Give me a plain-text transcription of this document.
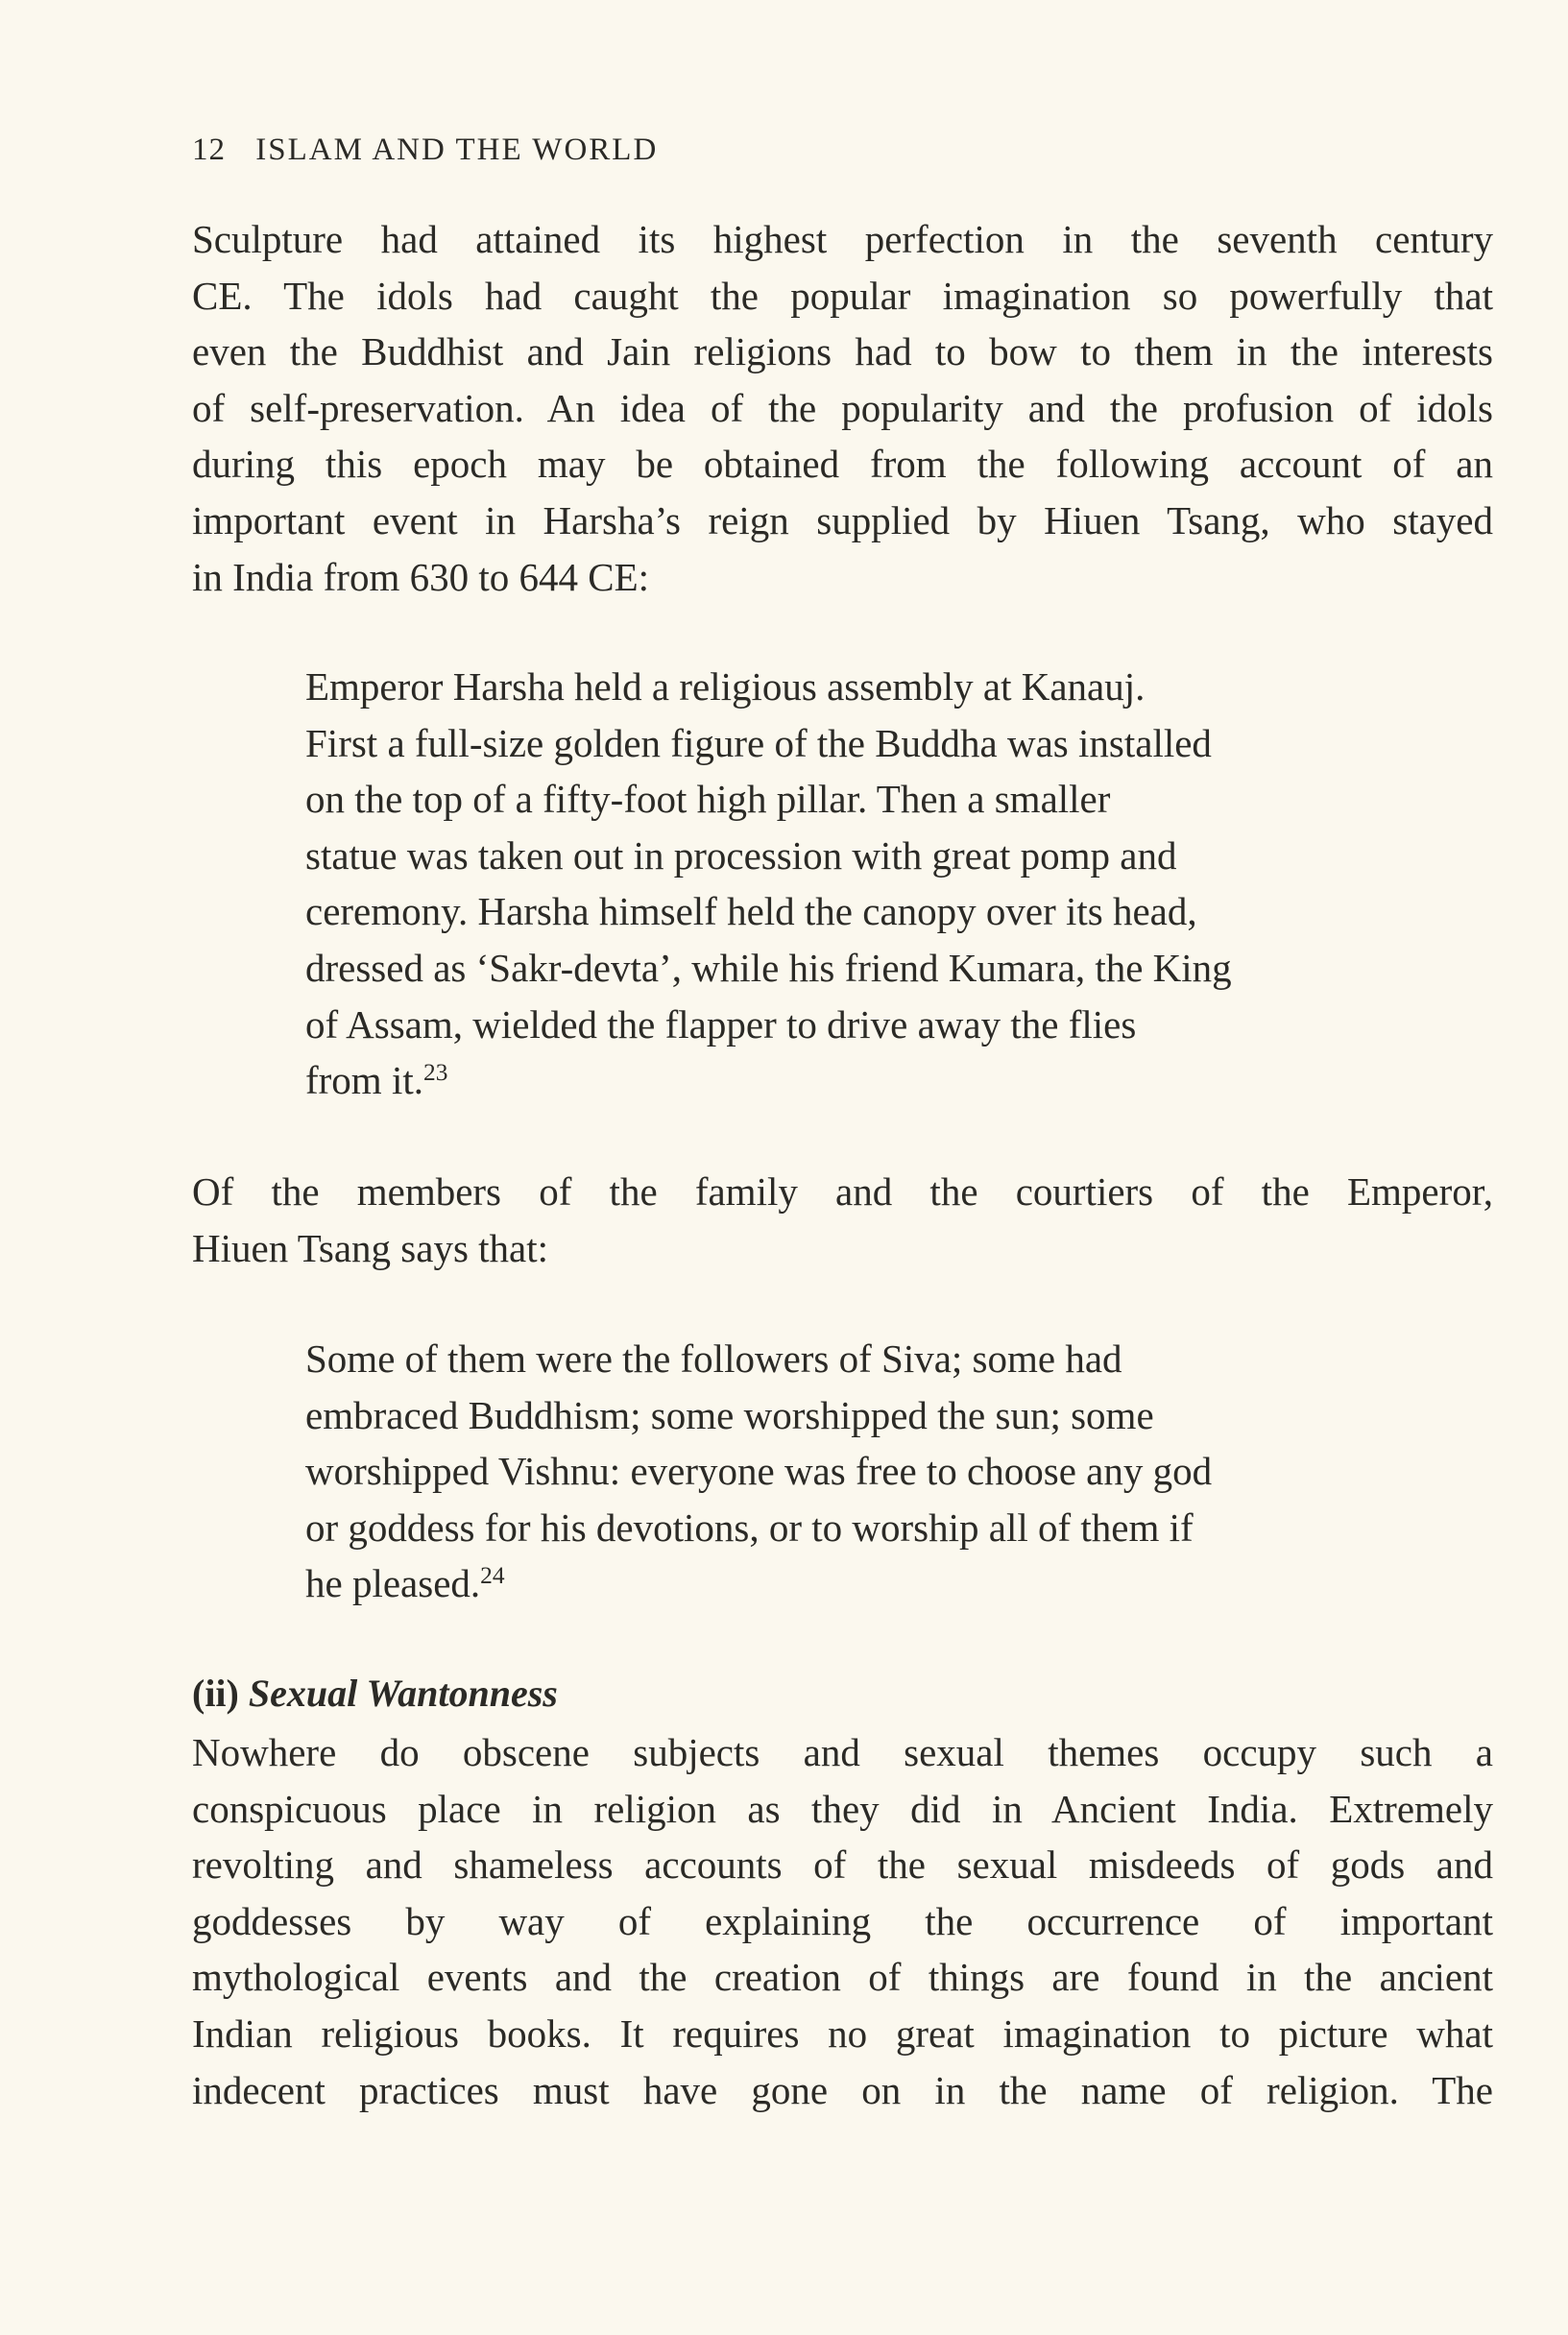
12 ISLAM AND THE WORLD

Sculpture had attained its highest perfection in the seventh century
CE. The idols had caught the popular imagination so powerfully that
even the Buddhist and Jain religions had to bow to them in the interests
of self-preservation. An idea of the popularity and the profusion of idols
during this epoch may be obtained from the following account of an
important event in Harsha’s reign supplied by Hiuen Tsang, who stayed
in India from 630 to 644 CE:

Emperor Harsha held a religious assembly at Kanauj.
First a full-size golden figure of the Buddha was installed
on the top of a fifty-foot high pillar. Then a smaller
statue was taken out in procession with great pomp and
ceremony. Harsha himself held the canopy over its head,
dressed as ‘Sakr-devta’, while his friend Kumara, the King
of Assam, wielded the flapper to drive away the flies
from it.$^{23}$

Of the members of the family and the courtiers of the Emperor,
Hiuen Tsang says that:

Some of them were the followers of Siva; some had
embraced Buddhism; some worshipped the sun; some
worshipped Vishnu: everyone was free to choose any god
or goddess for his devotions, or to worship all of them if
he pleased.$^{24}$
(ii) Sexual Wantonness

Nowhere do obscene subjects and sexual themes occupy such a
conspicuous place in religion as they did in Ancient India. Extremely
revolting and shameless accounts of the sexual misdeeds of gods and
goddesses by way of explaining the occurrence of important
mythological events and the creation of things are found in the ancient
Indian religious books. It requires no great imagination to picture what
indecent practices must have gone on in the name of religion. The
